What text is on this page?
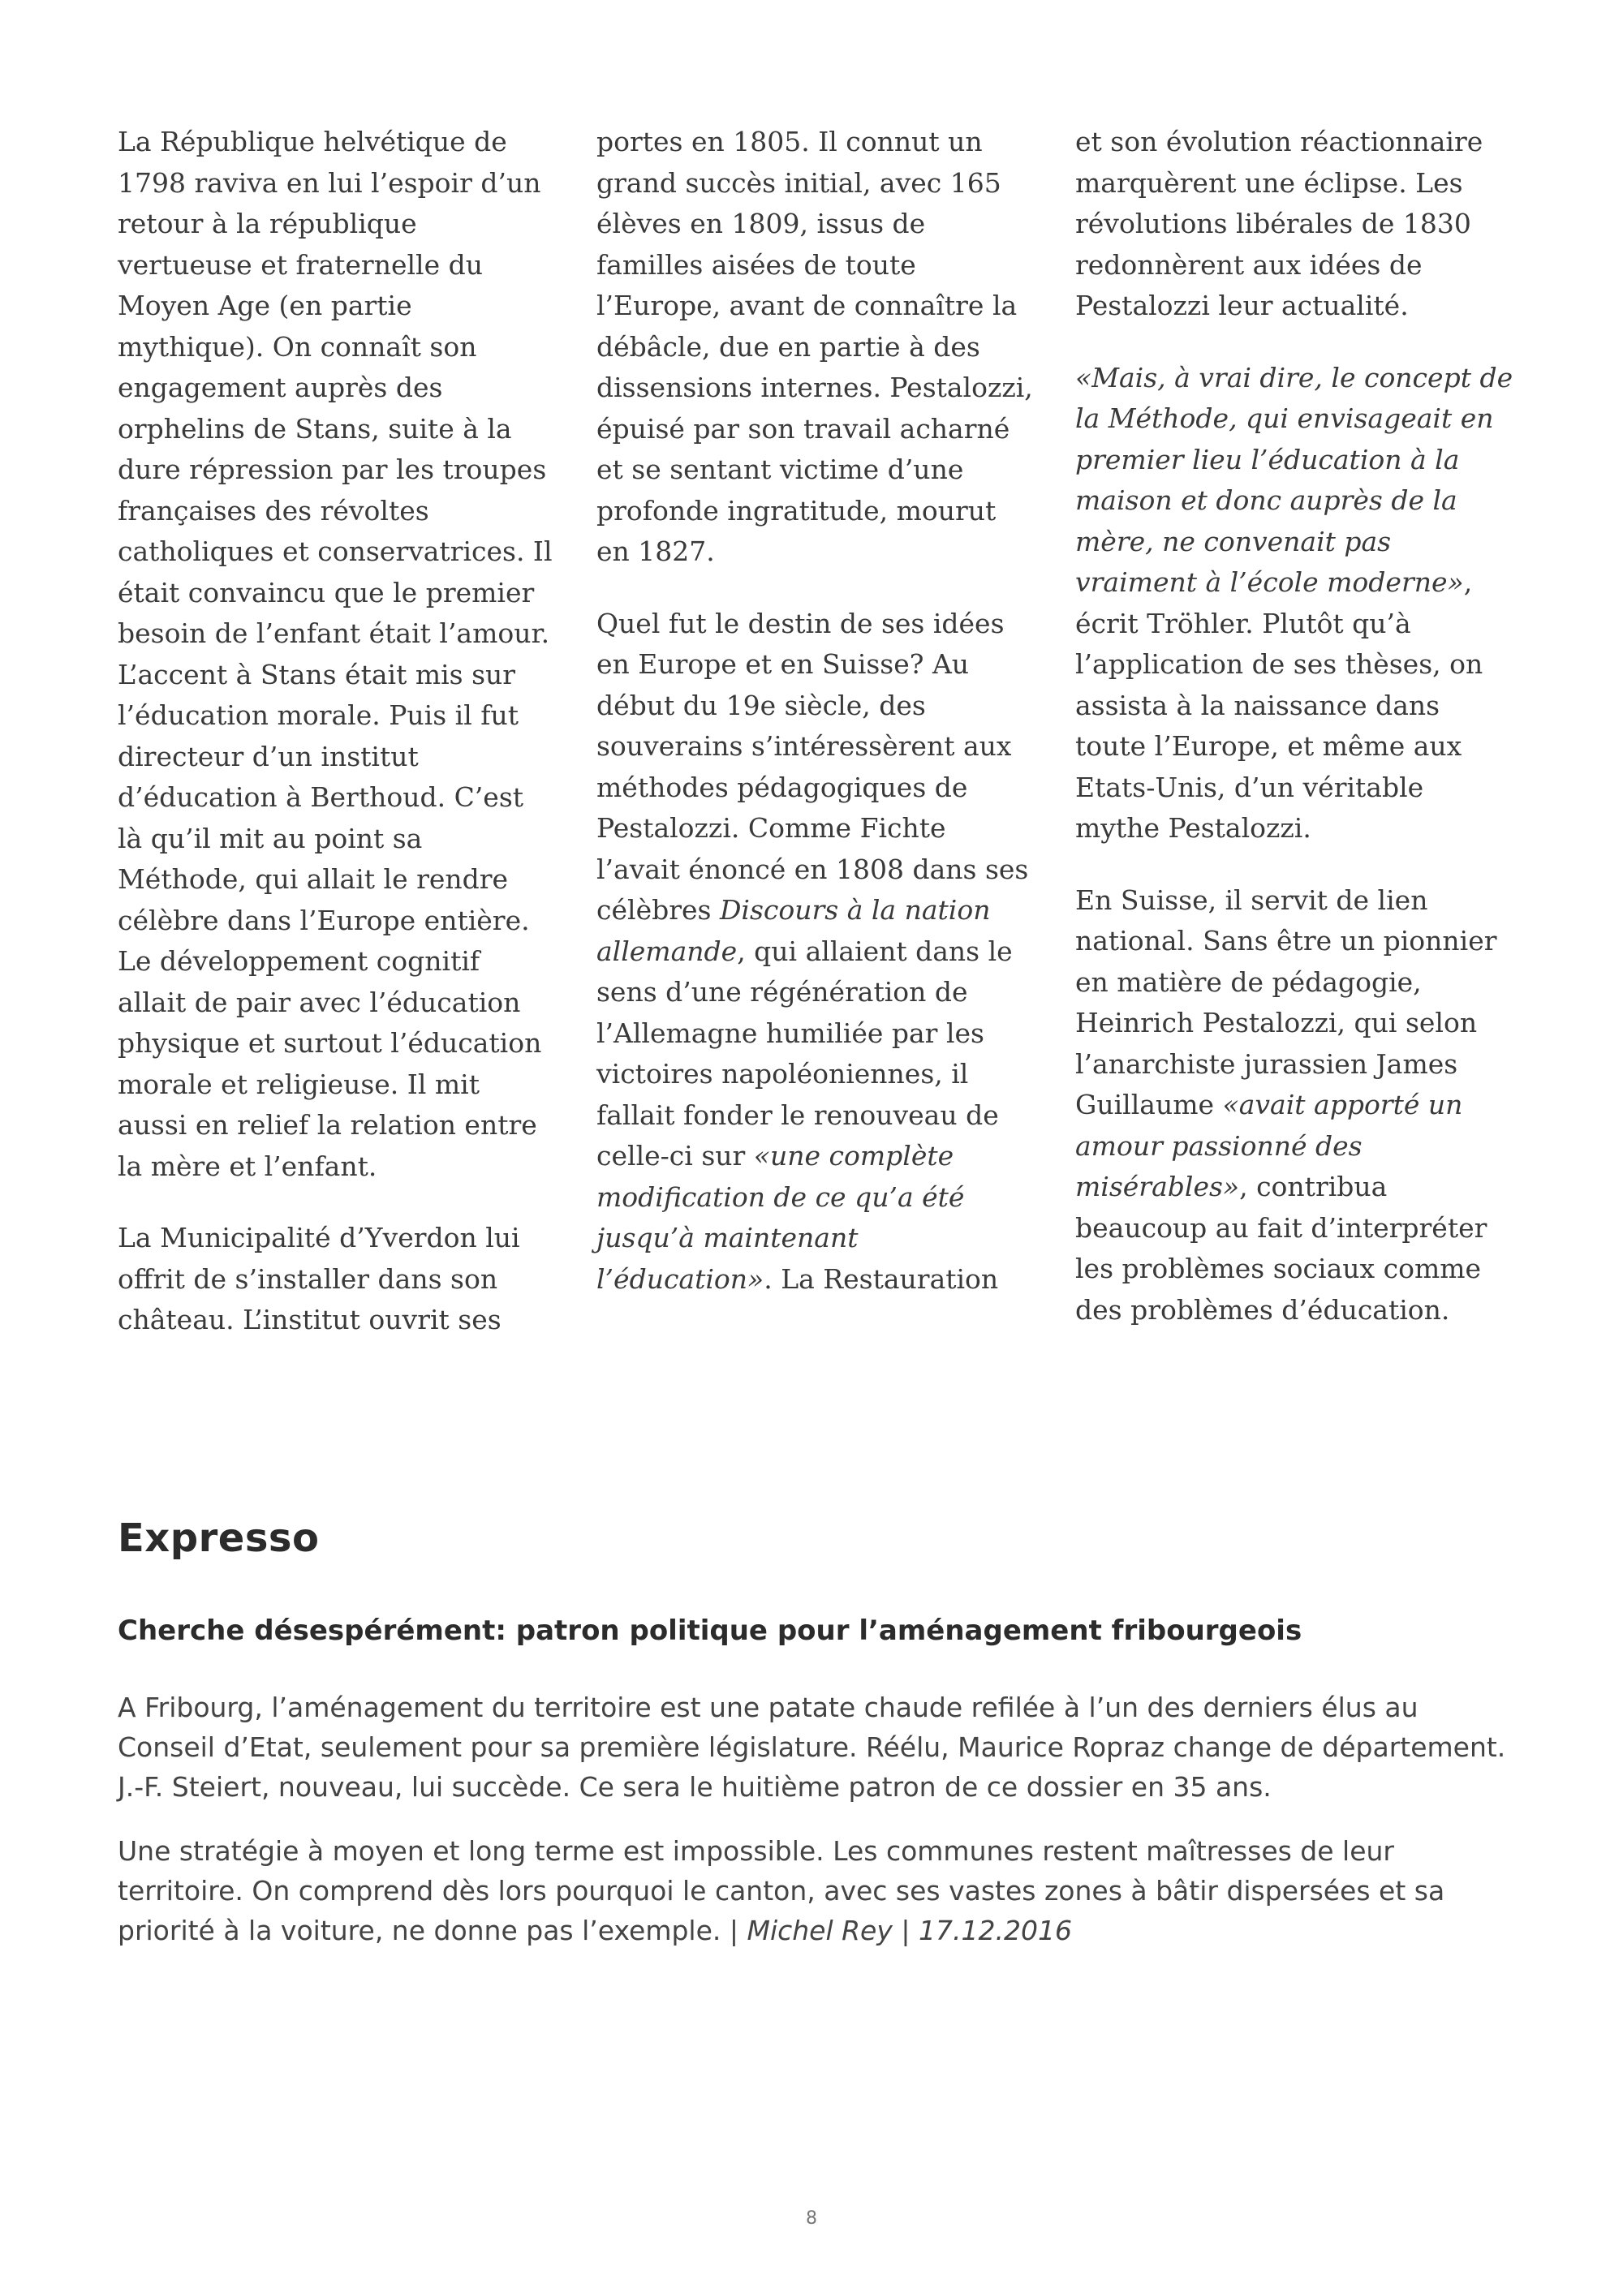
La République helvétique de 1798 raviva en lui l’espoir d’un retour à la république vertueuse et fraternelle du Moyen Age (en partie mythique). On connaît son engagement auprès des orphelins de Stans, suite à la dure répression par les troupes françaises des révoltes catholiques et conservatrices. Il était convaincu que le premier besoin de l’enfant était l’amour. L’accent à Stans était mis sur l’éducation morale. Puis il fut directeur d’un institut d’éducation à Berthoud. C’est là qu’il mit au point sa Méthode, qui allait le rendre célèbre dans l’Europe entière. Le développement cognitif allait de pair avec l’éducation physique et surtout l’éducation morale et religieuse. Il mit aussi en relief la relation entre la mère et l’enfant.

La Municipalité d’Yverdon lui offrit de s’installer dans son château. L’institut ouvrit ses

portes en 1805. Il connut un grand succès initial, avec 165 élèves en 1809, issus de familles aisées de toute l’Europe, avant de connaître la débâcle, due en partie à des dissensions internes. Pestalozzi, épuisé par son travail acharné et se sentant victime d’une profonde ingratitude, mourut en 1827.

Quel fut le destin de ses idées en Europe et en Suisse? Au début du 19e siècle, des souverains s’intéressèrent aux méthodes pédagogiques de Pestalozzi. Comme Fichte l’avait énoncé en 1808 dans ses célèbres Discours à la nation allemande, qui allaient dans le sens d’une régénération de l’Allemagne humiliée par les victoires napoléoniennes, il fallait fonder le renouveau de celle-ci sur «une complète modification de ce qu’a été jusqu’à maintenant l’éducation». La Restauration

et son évolution réactionnaire marquèrent une éclipse. Les révolutions libérales de 1830 redonnèrent aux idées de Pestalozzi leur actualité.

«Mais, à vrai dire, le concept de la Méthode, qui envisageait en premier lieu l’éducation à la maison et donc auprès de la mère, ne convenait pas vraiment à l’école moderne», écrit Tröhler. Plutôt qu’à l’application de ses thèses, on assista à la naissance dans toute l’Europe, et même aux Etats-Unis, d’un véritable mythe Pestalozzi.

En Suisse, il servit de lien national. Sans être un pionnier en matière de pédagogie, Heinrich Pestalozzi, qui selon l’anarchiste jurassien James Guillaume «avait apporté un amour passionné des misérables», contribua beaucoup au fait d’interpréter les problèmes sociaux comme des problèmes d’éducation.

Expresso
Cherche désespérément: patron politique pour l’aménagement fribourgeois

A Fribourg, l’aménagement du territoire est une patate chaude refilée à l’un des derniers élus au Conseil d’Etat, seulement pour sa première législature. Réélu, Maurice Ropraz change de département. J.-F. Steiert, nouveau, lui succède. Ce sera le huitième patron de ce dossier en 35 ans.

Une stratégie à moyen et long terme est impossible. Les communes restent maîtresses de leur territoire. On comprend dès lors pourquoi le canton, avec ses vastes zones à bâtir dispersées et sa priorité à la voiture, ne donne pas l’exemple. | Michel Rey | 17.12.2016

8
